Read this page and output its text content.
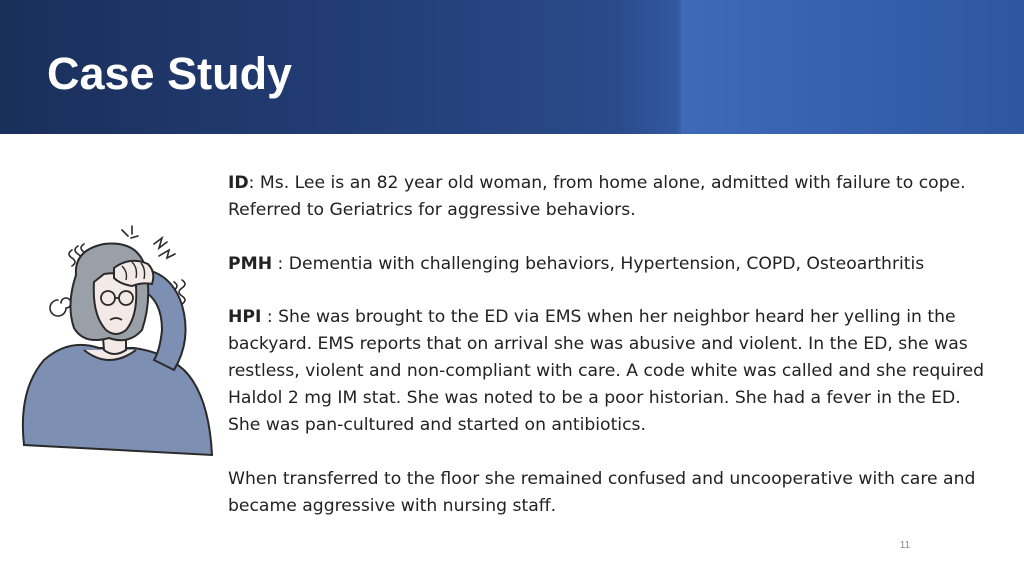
Case Study

ID: Ms. Lee is an 82 year old woman, from home alone, admitted with failure to cope. Referred to Geriatrics for aggressive behaviors.

PMH : Dementia with challenging behaviors, Hypertension, COPD, Osteoarthritis

HPI : She was brought to the ED via EMS when her neighbor heard her yelling in the backyard. EMS reports that on arrival she was abusive and violent. In the ED, she was restless, violent and non-compliant with care. A code white was called and she required Haldol 2 mg IM stat. She was noted to be a poor historian. She had a fever in the ED. She was pan-cultured and started on antibiotics.

When transferred to the floor she remained confused and uncooperative with care and became aggressive with nursing staff.

11
